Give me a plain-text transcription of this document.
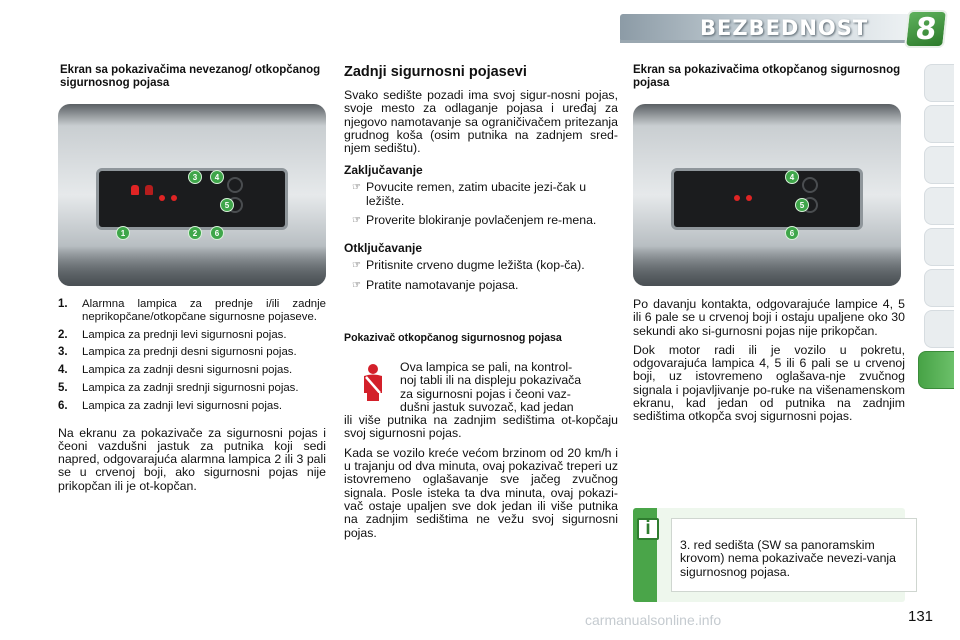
BEZBEDNOST	8
Ekran sa pokazivačima nevezanog/ otkopčanog sigurnosnog pojasa
3	4
5
1	2	6
1.	Alarmna lampica za prednje i/ili zadnje neprikopčane/otkopčane sigurnosne pojaseve.
2.	Lampica za prednji levi sigurnosni pojas.
3.	Lampica za prednji desni sigurnosni pojas.
4.	Lampica za zadnji desni sigurnosni pojas.
5.	Lampica za zadnji srednji sigurnosni pojas.
6.	Lampica za zadnji levi sigurnosni pojas.

Na ekranu za pokazivače za sigurnosni pojas i čeoni vazdušni jastuk za putnika koji sedi napred, odgovarajuća alarmna lampica 2 ili 3 pali se u crvenoj boji, ako sigurnosni pojas nije prikopčan ili je ot-kopčan.

Zadnji sigurnosni pojasevi

Svako sedište pozadi ima svoj sigur-nosni pojas, svoje mesto za odlaganje pojasa i uređaj za njegovo namotavanje sa ograničivačem pritezanja grudnog koša (osim putnika na zadnjem sred-njem sedištu).

Zaključavanje
☞ Povucite remen, zatim ubacite jezi-čak u ležište.
☞ Proverite blokiranje povlačenjem re-mena.
Otključavanje
☞ Pritisnite crveno dugme ležišta (kop-ča).
☞ Pratite namotavanje pojasa.
Pokazivač otkopčanog sigurnosnog pojasa

Ova lampica se pali, na kontrol-
noj tabli ili na displeju pokazivača
za sigurnosni pojas i čeoni vaz-
dušni jastuk suvozač, kad jedan
ili više putnika na zadnjim sedištima ot-kopčaju svoj sigurnosni pojas.

Kada se vozilo kreće većom brzinom od 20 km/h i u trajanju od dva minuta, ovaj pokazivač treperi uz istovremeno oglašavanje sve jačeg zvučnog signala. Posle isteka ta dva minuta, ovaj pokazi-vač ostaje upaljen sve dok jedan ili više putnika na zadnjim sedištima ne vežu svoj sigurnosni pojas.

Ekran sa pokazivačima otkopčanog sigurnosnog pojasa
4
5
6

Po davanju kontakta, odgovarajuće lampice 4, 5 ili 6 pale se u crvenoj boji i ostaju upaljene oko 30 sekundi ako si-gurnosni pojas nije prikopčan.

Dok motor radi ili je vozilo u pokretu, odgovarajuća lampica 4, 5 ili 6 pali se u crvenoj boji, uz istovremeno oglašava-nje zvučnog signala i pojavljivanje po-ruke na višenamenskom ekranu, kad jedan od putnika na zadnjim sedištima otkopča svoj sigurnosni pojas.

i
3. red sedišta (SW sa panoramskim krovom) nema pokazivače nevezi-vanja sigurnosnog pojasa.
131
carmanualsonline.info
